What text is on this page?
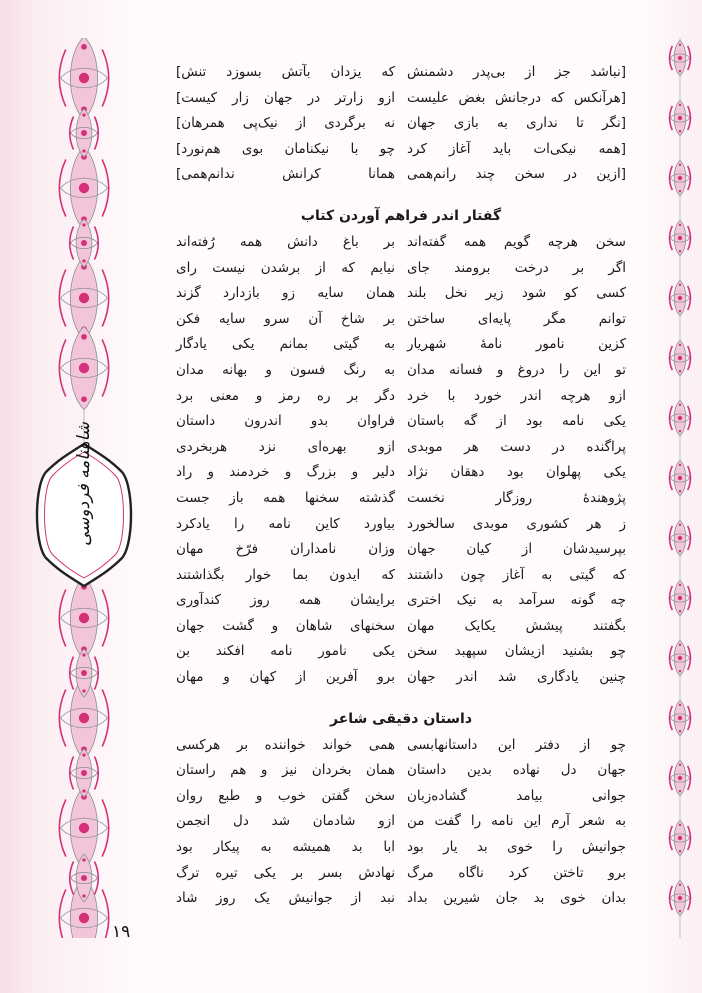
شاهنامه فردوسی
[نباشد جز از بی‌پدر دشمنش
که یزدان بآتش بسوزد تنش]
[هرآنکس که درجانش بغض علیست
ازو زارتر در جهان زار کیست]
[نگر تا نداری به بازی جهان
نه برگردی از نیک‌پی همرهان]
[همه نیکی‌ات باید آغاز کرد
چو با نیکنامان بوی هم‌نورد]
[ازین در سخن چند رانم‌همی
همانا کرانش ندانم‌همی]
گفتار اندر فراهم آوردن کتاب
سخن هرچه گویم همه گفته‌اند
بر باغ دانش همه رُفته‌اند
اگر بر درخت برومند جای
نیابم که از برشدن نیست رای
کسی کو شود زیر نخل بلند
همان سایه زو بازدارد گزند
توانم مگر پایه‌ای ساختن
بر شاخ آن سرو سایه فکن
کزین نامور نامهٔ شهریار
به گیتی بمانم یکی یادگار
تو این را دروغ و فسانه مدان
به رنگ فسون و بهانه مدان
ازو هرچه اندر خورد با خرد
دگر بر ره رمز و معنی برد
یکی نامه بود از گه باستان
فراوان بدو اندرون داستان
پراگنده در دست هر موبدی
ازو بهره‌ای نزد هربخردی
یکی پهلوان بود دهقان نژاد
دلیر و بزرگ و خردمند و راد
پژوهندهٔ روزگار نخست
گذشته سخنها همه باز جست
ز هر کشوری موبدی سالخورد
بیاورد کاین نامه را یادکرد
بپرسیدشان از کیان جهان
وزان نامداران فرّخ مهان
که گیتی به آغاز چون داشتند
که ایدون بما خوار بگذاشتند
چه گونه سرآمد به نیک اختری
برایشان همه روز کندآوری
بگفتند پیشش یکایک مهان
سخنهای شاهان و گشت جهان
چو بشنید ازیشان سپهبد سخن
یکی نامور نامه افکند بن
چنین یادگاری شد اندر جهان
برو آفرین از کهان و مهان
داستان دقیقی شاعر
چو از دفتر این داستانهابسی
همی خواند خواننده بر هرکسی
جهان دل نهاده بدین داستان
همان بخردان نیز و هم راستان
جوانی بیامد گشاده‌زبان
سخن گفتن خوب و طبع روان
به شعر آرم این نامه را گفت من
ازو شادمان شد دل انجمن
جوانیش را خوی بد یار بود
ابا بد همیشه به پیکار بود
برو تاختن کرد ناگاه مرگ
نهادش بسر بر یکی تیره ترگ
بدان خوی بد جان شیرین بداد
نبد از جوانیش یک روز شاد
۱۹
